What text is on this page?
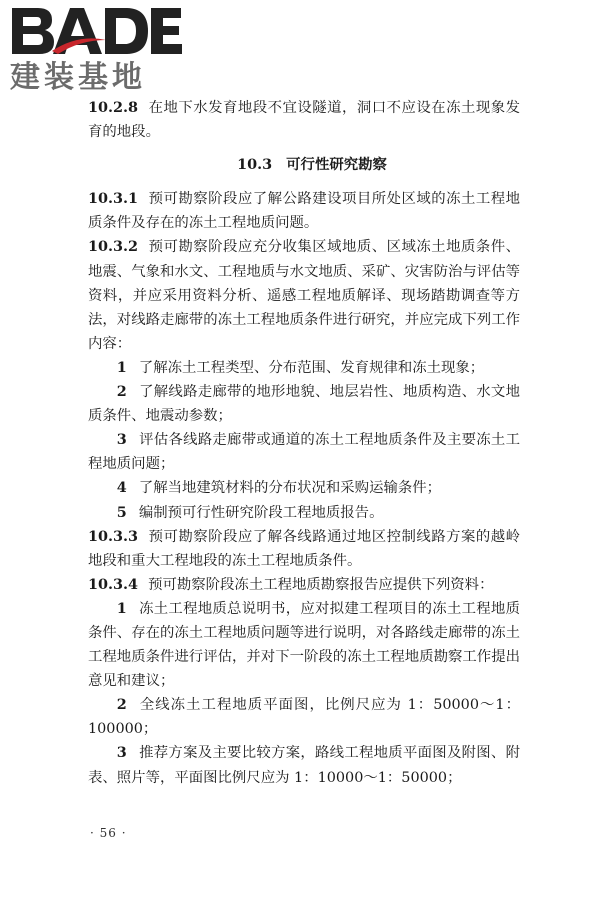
建装基地

10.2.8 在地下水发育地段不宜设隧道，洞口不应设在冻土现象发育的地段。

10.3 可行性研究勘察

10.3.1 预可勘察阶段应了解公路建设项目所处区域的冻土工程地质条件及存在的冻土工程地质问题。

10.3.2 预可勘察阶段应充分收集区域地质、区域冻土地质条件、地震、气象和水文、工程地质与水文地质、采矿、灾害防治与评估等资料，并应采用资料分析、遥感工程地质解译、现场踏勘调查等方法，对线路走廊带的冻土工程地质条件进行研究，并应完成下列工作内容：

1 了解冻土工程类型、分布范围、发育规律和冻土现象；

2 了解线路走廊带的地形地貌、地层岩性、地质构造、水文地质条件、地震动参数；

3 评估各线路走廊带或通道的冻土工程地质条件及主要冻土工程地质问题；

4 了解当地建筑材料的分布状况和采购运输条件；

5 编制预可行性研究阶段工程地质报告。

10.3.3 预可勘察阶段应了解各线路通过地区控制线路方案的越岭地段和重大工程地段的冻土工程地质条件。

10.3.4 预可勘察阶段冻土工程地质勘察报告应提供下列资料：

1 冻土工程地质总说明书，应对拟建工程项目的冻土工程地质条件、存在的冻土工程地质问题等进行说明，对各路线走廊带的冻土工程地质条件进行评估，并对下一阶段的冻土工程地质勘察工作提出意见和建议；

2 全线冻土工程地质平面图，比例尺应为 1：50000～1：100000；

3 推荐方案及主要比较方案，路线工程地质平面图及附图、附表、照片等，平面图比例尺应为 1：10000～1：50000；

· 56 ·
